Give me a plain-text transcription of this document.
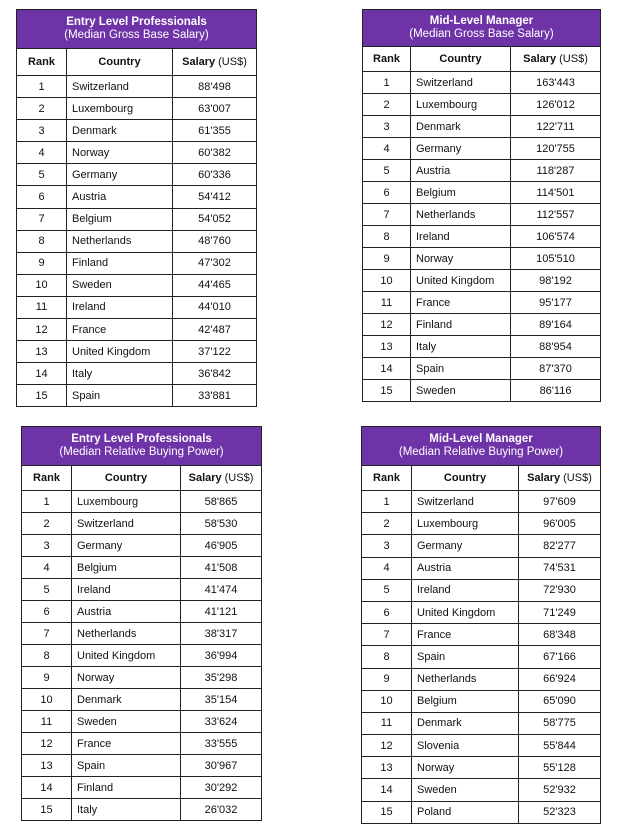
Entry Level Professionals
(Median Gross Base Salary)
Rank	Country	Salary (US$)
1	Switzerland	88'498
2	Luxembourg	63'007
3	Denmark	61'355
4	Norway	60'382
5	Germany	60'336
6	Austria	54'412
7	Belgium	54'052
8	Netherlands	48'760
9	Finland	47'302
10	Sweden	44'465
11	Ireland	44'010
12	France	42'487
13	United Kingdom	37'122
14	Italy	36'842
15	Spain	33'881
Mid-Level Manager
(Median Gross Base Salary)
Rank	Country	Salary (US$)
1	Switzerland	163'443
2	Luxembourg	126'012
3	Denmark	122'711
4	Germany	120'755
5	Austria	118'287
6	Belgium	114'501
7	Netherlands	112'557
8	Ireland	106'574
9	Norway	105'510
10	United Kingdom	98'192
11	France	95'177
12	Finland	89'164
13	Italy	88'954
14	Spain	87'370
15	Sweden	86'116
Entry Level Professionals
(Median Relative Buying Power)
Rank	Country	Salary (US$)
1	Luxembourg	58'865
2	Switzerland	58'530
3	Germany	46'905
4	Belgium	41'508
5	Ireland	41'474
6	Austria	41'121
7	Netherlands	38'317
8	United Kingdom	36'994
9	Norway	35'298
10	Denmark	35'154
11	Sweden	33'624
12	France	33'555
13	Spain	30'967
14	Finland	30'292
15	Italy	26'032
Mid-Level Manager
(Median Relative Buying Power)
Rank	Country	Salary (US$)
1	Switzerland	97'609
2	Luxembourg	96'005
3	Germany	82'277
4	Austria	74'531
5	Ireland	72'930
6	United Kingdom	71'249
7	France	68'348
8	Spain	67'166
9	Netherlands	66'924
10	Belgium	65'090
11	Denmark	58'775
12	Slovenia	55'844
13	Norway	55'128
14	Sweden	52'932
15	Poland	52'323
